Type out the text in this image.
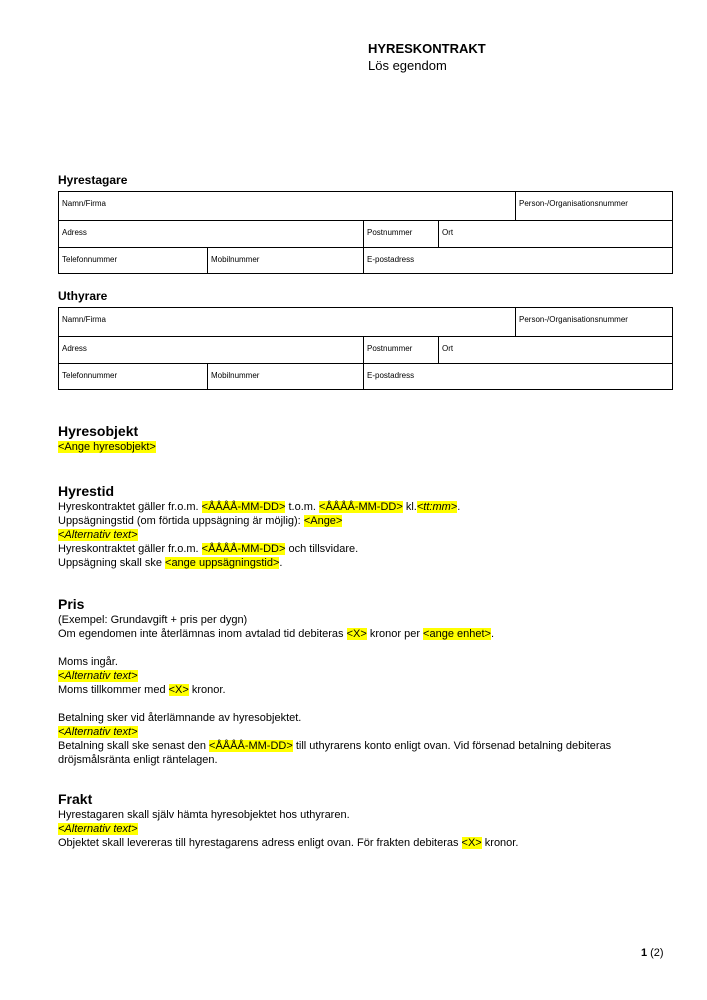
HYRESKONTRAKT
Lös egendom
Hyrestagare
Namn/Firma				Person-/Organisationsnummer
Adress		Postnummer	Ort	
Telefonnummer	Mobilnummer	E-postadress		
Uthyrare
Namn/Firma				Person-/Organisationsnummer
Adress		Postnummer	Ort	
Telefonnummer	Mobilnummer	E-postadress		
Hyresobjekt
<Ange hyresobjekt>
Hyrestid
Hyreskontraktet gäller fr.o.m. <ÅÅÅÅ-MM-DD> t.o.m. <ÅÅÅÅ-MM-DD> kl.<tt:mm>.
Uppsägningstid (om förtida uppsägning är möjlig): <Ange>
<Alternativ text>
Hyreskontraktet gäller fr.o.m. <ÅÅÅÅ-MM-DD> och tillsvidare.
Uppsägning skall ske <ange uppsägningstid>.
Pris
(Exempel: Grundavgift + pris per dygn)
Om egendomen inte återlämnas inom avtalad tid debiteras <X> kronor per <ange enhet>.
Moms ingår.
<Alternativ text>
Moms tillkommer med <X> kronor.
Betalning sker vid återlämnande av hyresobjektet.
<Alternativ text>
Betalning skall ske senast den <ÅÅÅÅ-MM-DD> till uthyrarens konto enligt ovan. Vid försenad betalning debiteras dröjsmålsränta enligt räntelagen.
Frakt
Hyrestagaren skall själv hämta hyresobjektet hos uthyraren.
<Alternativ text>
Objektet skall levereras till hyrestagarens adress enligt ovan. För frakten debiteras <X> kronor.
1 (2)
